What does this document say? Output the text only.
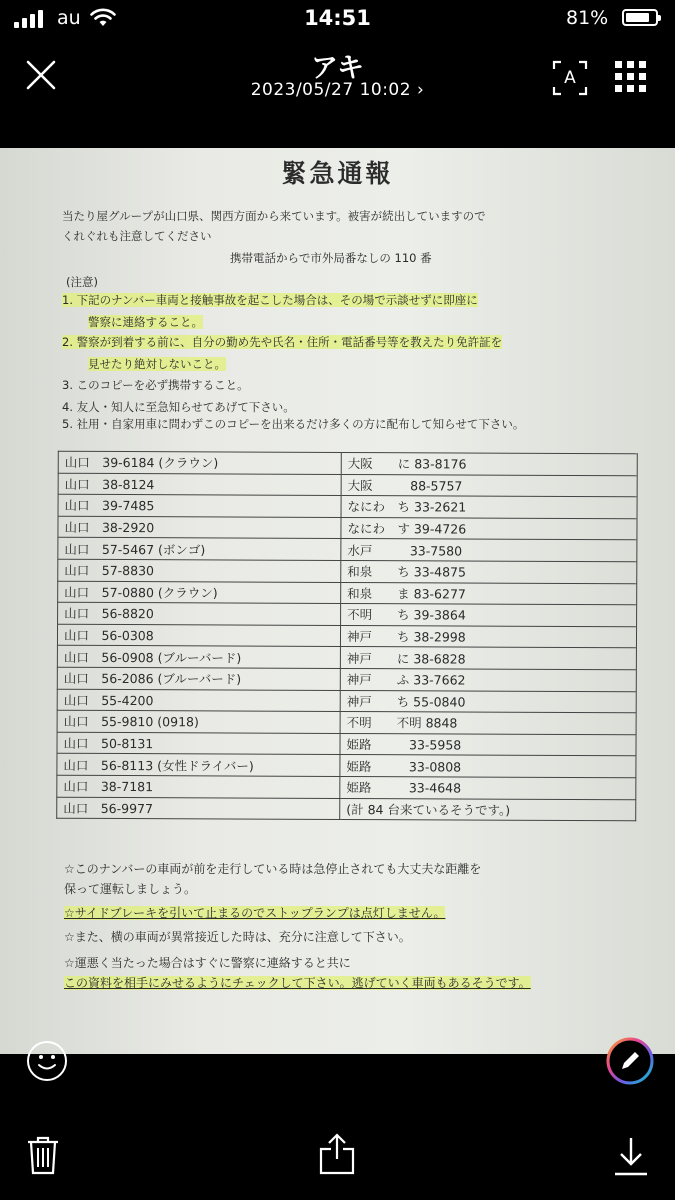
au	14:51	81%
アキ
2023/05/27 10:02 ›
A
緊急通報
当たり屋グループが山口県、関西方面から来ています。被害が続出していますので
くれぐれも注意してください
携帯電話からで市外局番なしの 110 番
(注意)
1. 下記のナンバー車両と接触事故を起こした場合は、その場で示談せずに即座に
警察に連絡すること。
2. 警察が到着する前に、自分の勤め先や氏名・住所・電話番号等を教えたり免許証を
見せたり絶対しないこと。
3. このコピーを必ず携帯すること。
4. 友人・知人に至急知らせてあげて下さい。
5. 社用・自家用車に問わずこのコピーを出来るだけ多くの方に配布して知らせて下さい。
山口　39-6184 (クラウン)	大阪　　に 83-8176
山口　38-8124	大阪　　　88-5757
山口　39-7485	なにわ　ち 33-2621
山口　38-2920	なにわ　す 39-4726
山口　57-5467 (ボンゴ)	水戸　　　33-7580
山口　57-8830	和泉　　ち 33-4875
山口　57-0880 (クラウン)	和泉　　ま 83-6277
山口　56-8820	不明　　ち 39-3864
山口　56-0308	神戸　　ち 38-2998
山口　56-0908 (ブルーバード)	神戸　　に 38-6828
山口　56-2086 (ブルーバード)	神戸　　ふ 33-7662
山口　55-4200	神戸　　ち 55-0840
山口　55-9810 (0918)	不明　　不明 8848
山口　50-8131	姫路　　　33-5958
山口　56-8113 (女性ドライバー)	姫路　　　33-0808
山口　38-7181	姫路　　　33-4648
山口　56-9977	(計 84 台来ているそうです。)
☆このナンバーの車両が前を走行している時は急停止されても大丈夫な距離を
保って運転しましょう。
☆サイドブレーキを引いて止まるのでストップランプは点灯しません。
☆また、横の車両が異常接近した時は、充分に注意して下さい。
☆運悪く当たった場合はすぐに警察に連絡すると共に
この資料を相手にみせるようにチェックして下さい。逃げていく車両もあるそうです。
